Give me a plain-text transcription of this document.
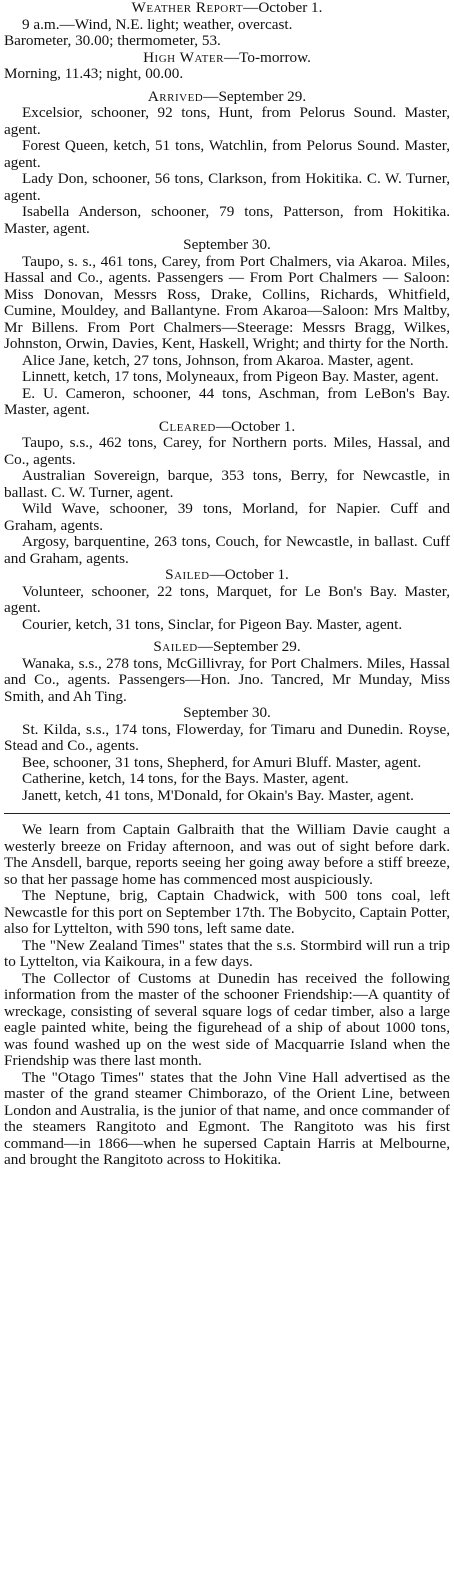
Weather Report—October 1.

9 a.m.—Wind, N.E. light; weather, overcast.

Barometer, 30.00; thermometer, 53.

High Water—To-morrow.

Morning, 11.43; night, 00.00.

Arrived—September 29.

Excelsior, schooner, 92 tons, Hunt, from Pelorus Sound. Master, agent.

Forest Queen, ketch, 51 tons, Watchlin, from Pelorus Sound. Master, agent.

Lady Don, schooner, 56 tons, Clarkson, from Hokitika. C. W. Turner, agent.

Isabella Anderson, schooner, 79 tons, Patterson, from Hokitika. Master, agent.

September 30.

Taupo, s. s., 461 tons, Carey, from Port Chalmers, via Akaroa. Miles, Hassal and Co., agents. Passengers — From Port Chalmers — Saloon: Miss Donovan, Messrs Ross, Drake, Collins, Richards, Whitfield, Cumine, Mouldey, and Ballantyne. From Akaroa—Saloon: Mrs Maltby, Mr Billens. From Port Chalmers—Steerage: Messrs Bragg, Wilkes, Johnston, Orwin, Davies, Kent, Haskell, Wright; and thirty for the North.

Alice Jane, ketch, 27 tons, Johnson, from Akaroa. Master, agent.

Linnett, ketch, 17 tons, Molyneaux, from Pigeon Bay. Master, agent.

E. U. Cameron, schooner, 44 tons, Aschman, from LeBon's Bay. Master, agent.

Cleared—October 1.

Taupo, s.s., 462 tons, Carey, for Northern ports. Miles, Hassal, and Co., agents.

Australian Sovereign, barque, 353 tons, Berry, for Newcastle, in ballast. C. W. Turner, agent.

Wild Wave, schooner, 39 tons, Morland, for Napier. Cuff and Graham, agents.

Argosy, barquentine, 263 tons, Couch, for Newcastle, in ballast. Cuff and Graham, agents.

Sailed—October 1.

Volunteer, schooner, 22 tons, Marquet, for Le Bon's Bay. Master, agent.

Courier, ketch, 31 tons, Sinclar, for Pigeon Bay. Master, agent.

Sailed—September 29.

Wanaka, s.s., 278 tons, McGillivray, for Port Chalmers. Miles, Hassal and Co., agents. Passengers—Hon. Jno. Tancred, Mr Munday, Miss Smith, and Ah Ting.

September 30.

St. Kilda, s.s., 174 tons, Flowerday, for Timaru and Dunedin. Royse, Stead and Co., agents.

Bee, schooner, 31 tons, Shepherd, for Amuri Bluff. Master, agent.

Catherine, ketch, 14 tons, for the Bays. Master, agent.

Janett, ketch, 41 tons, M'Donald, for Okain's Bay. Master, agent.

We learn from Captain Galbraith that the William Davie caught a westerly breeze on Friday afternoon, and was out of sight before dark. The Ansdell, barque, reports seeing her going away before a stiff breeze, so that her passage home has commenced most auspiciously.

The Neptune, brig, Captain Chadwick, with 500 tons coal, left Newcastle for this port on September 17th. The Bobycito, Captain Potter, also for Lyttelton, with 590 tons, left same date.

The "New Zealand Times" states that the s.s. Stormbird will run a trip to Lyttelton, via Kaikoura, in a few days.

The Collector of Customs at Dunedin has received the following information from the master of the schooner Friendship:—A quantity of wreckage, consisting of several square logs of cedar timber, also a large eagle painted white, being the figurehead of a ship of about 1000 tons, was found washed up on the west side of Macquarrie Island when the Friendship was there last month.

The "Otago Times" states that the John Vine Hall advertised as the master of the grand steamer Chimborazo, of the Orient Line, between London and Australia, is the junior of that name, and once commander of the steamers Rangitoto and Egmont. The Rangitoto was his first command—in 1866—when he supersed Captain Harris at Melbourne, and brought the Rangitoto across to Hokitika.
